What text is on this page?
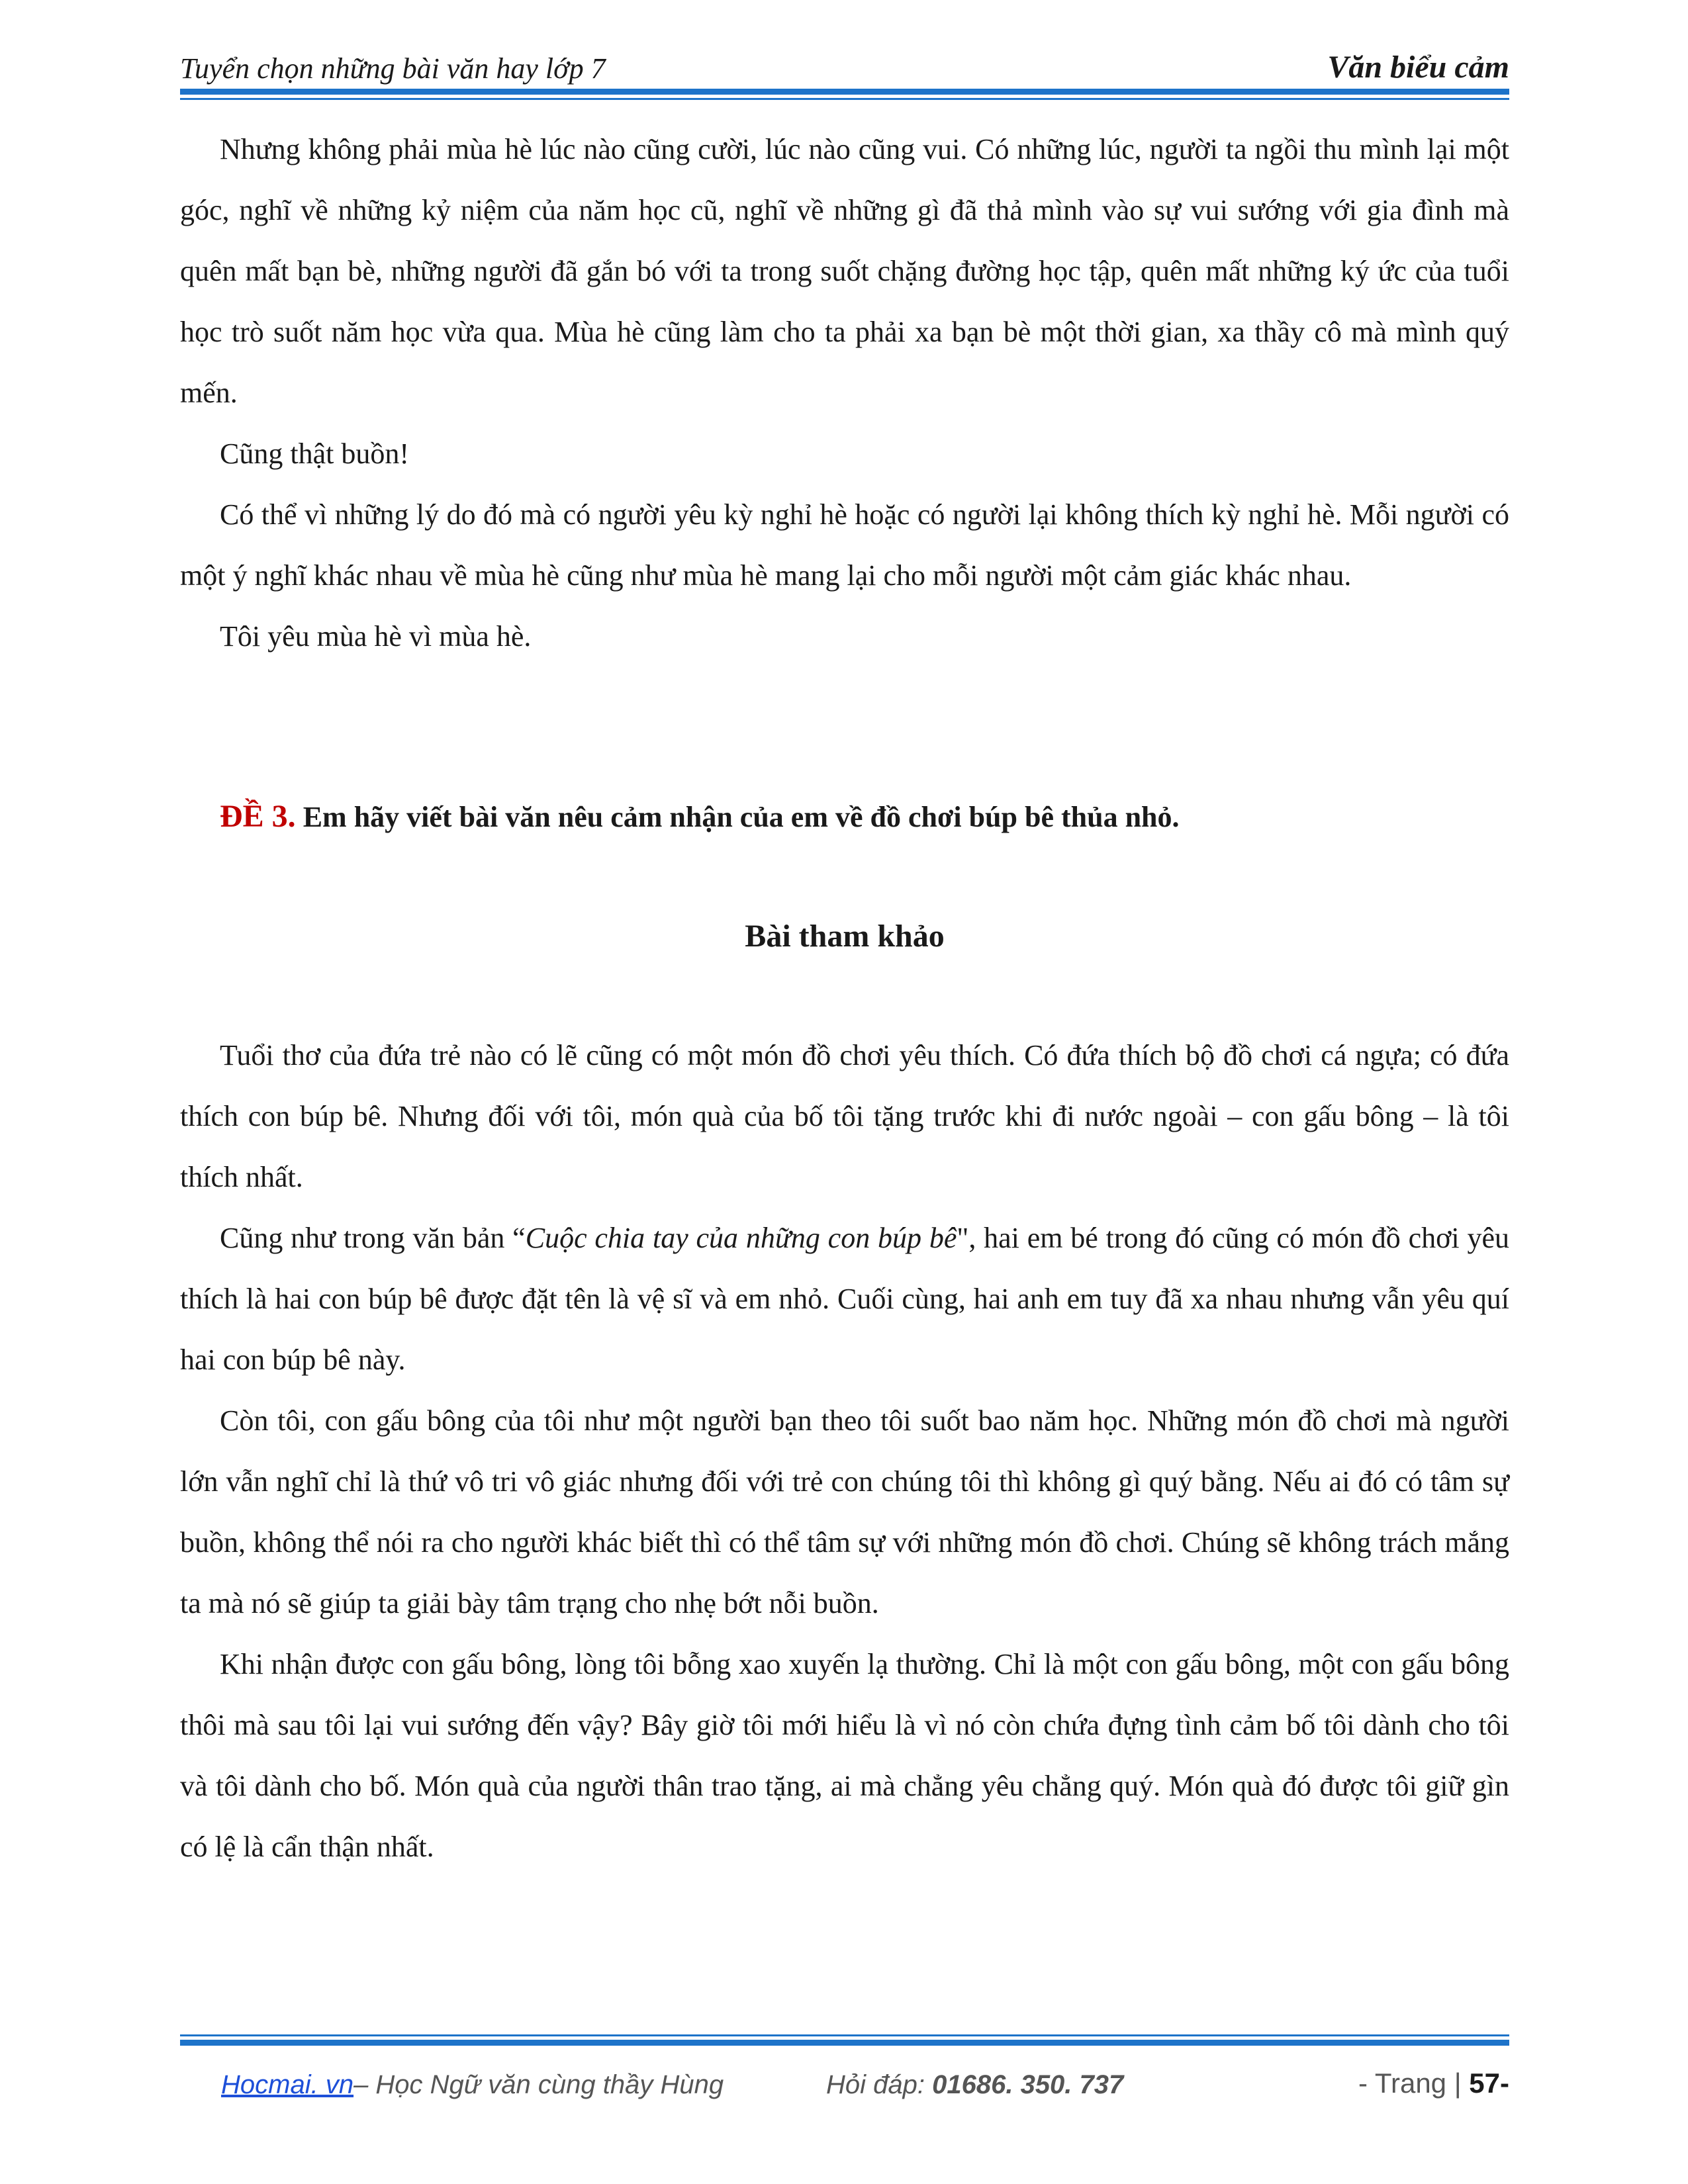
Tuyển chọn những bài văn hay lớp 7	Văn biểu cảm

Nhưng không phải mùa hè lúc nào cũng cười, lúc nào cũng vui. Có những lúc, người ta ngồi thu mình lại một góc, nghĩ về những kỷ niệm của năm học cũ, nghĩ về những gì đã thả mình vào sự vui sướng với gia đình mà quên mất bạn bè, những người đã gắn bó với ta trong suốt chặng đường học tập, quên mất những ký ức của tuổi học trò suốt năm học vừa qua. Mùa hè cũng làm cho ta phải xa bạn bè một thời gian, xa thầy cô mà mình quý mến.

Cũng thật buồn!

Có thể vì những lý do đó mà có người yêu kỳ nghỉ hè hoặc có người lại không thích kỳ nghỉ hè. Mỗi người có một ý nghĩ khác nhau về mùa hè cũng như mùa hè mang lại cho mỗi người một cảm giác khác nhau.

Tôi yêu mùa hè vì mùa hè.

ĐỀ 3. Em hãy viết bài văn nêu cảm nhận của em về đồ chơi búp bê thủa nhỏ.

Bài tham khảo

Tuổi thơ của đứa trẻ nào có lẽ cũng có một món đồ chơi yêu thích. Có đứa thích bộ đồ chơi cá ngựa; có đứa thích con búp bê. Nhưng đối với tôi, món quà của bố tôi tặng trước khi đi nước ngoài – con gấu bông – là tôi thích nhất.

Cũng như trong văn bản “Cuộc chia tay của những con búp bê", hai em bé trong đó cũng có món đồ chơi yêu thích là hai con búp bê được đặt tên là vệ sĩ và em nhỏ. Cuối cùng, hai anh em tuy đã xa nhau nhưng vẫn yêu quí hai con búp bê này.

Còn tôi, con gấu bông của tôi như một người bạn theo tôi suốt bao năm học. Những món đồ chơi mà người lớn vẫn nghĩ chỉ là thứ vô tri vô giác nhưng đối với trẻ con chúng tôi thì không gì quý bằng. Nếu ai đó có tâm sự buồn, không thể nói ra cho người khác biết thì có thể tâm sự với những món đồ chơi. Chúng sẽ không trách mắng ta mà nó sẽ giúp ta giải bày tâm trạng cho nhẹ bớt nỗi buồn.

Khi nhận được con gấu bông, lòng tôi bỗng xao xuyến lạ thường. Chỉ là một con gấu bông, một con gấu bông thôi mà sau tôi lại vui sướng đến vậy? Bây giờ tôi mới hiểu là vì nó còn chứa đựng tình cảm bố tôi dành cho tôi và tôi dành cho bố. Món quà của người thân trao tặng, ai mà chẳng yêu chẳng quý. Món quà đó được tôi giữ gìn có lệ là cẩn thận nhất.

Hocmai. vn– Học Ngữ văn cùng thầy Hùng	Hỏi đáp: 01686. 350. 737	- Trang | 57-
